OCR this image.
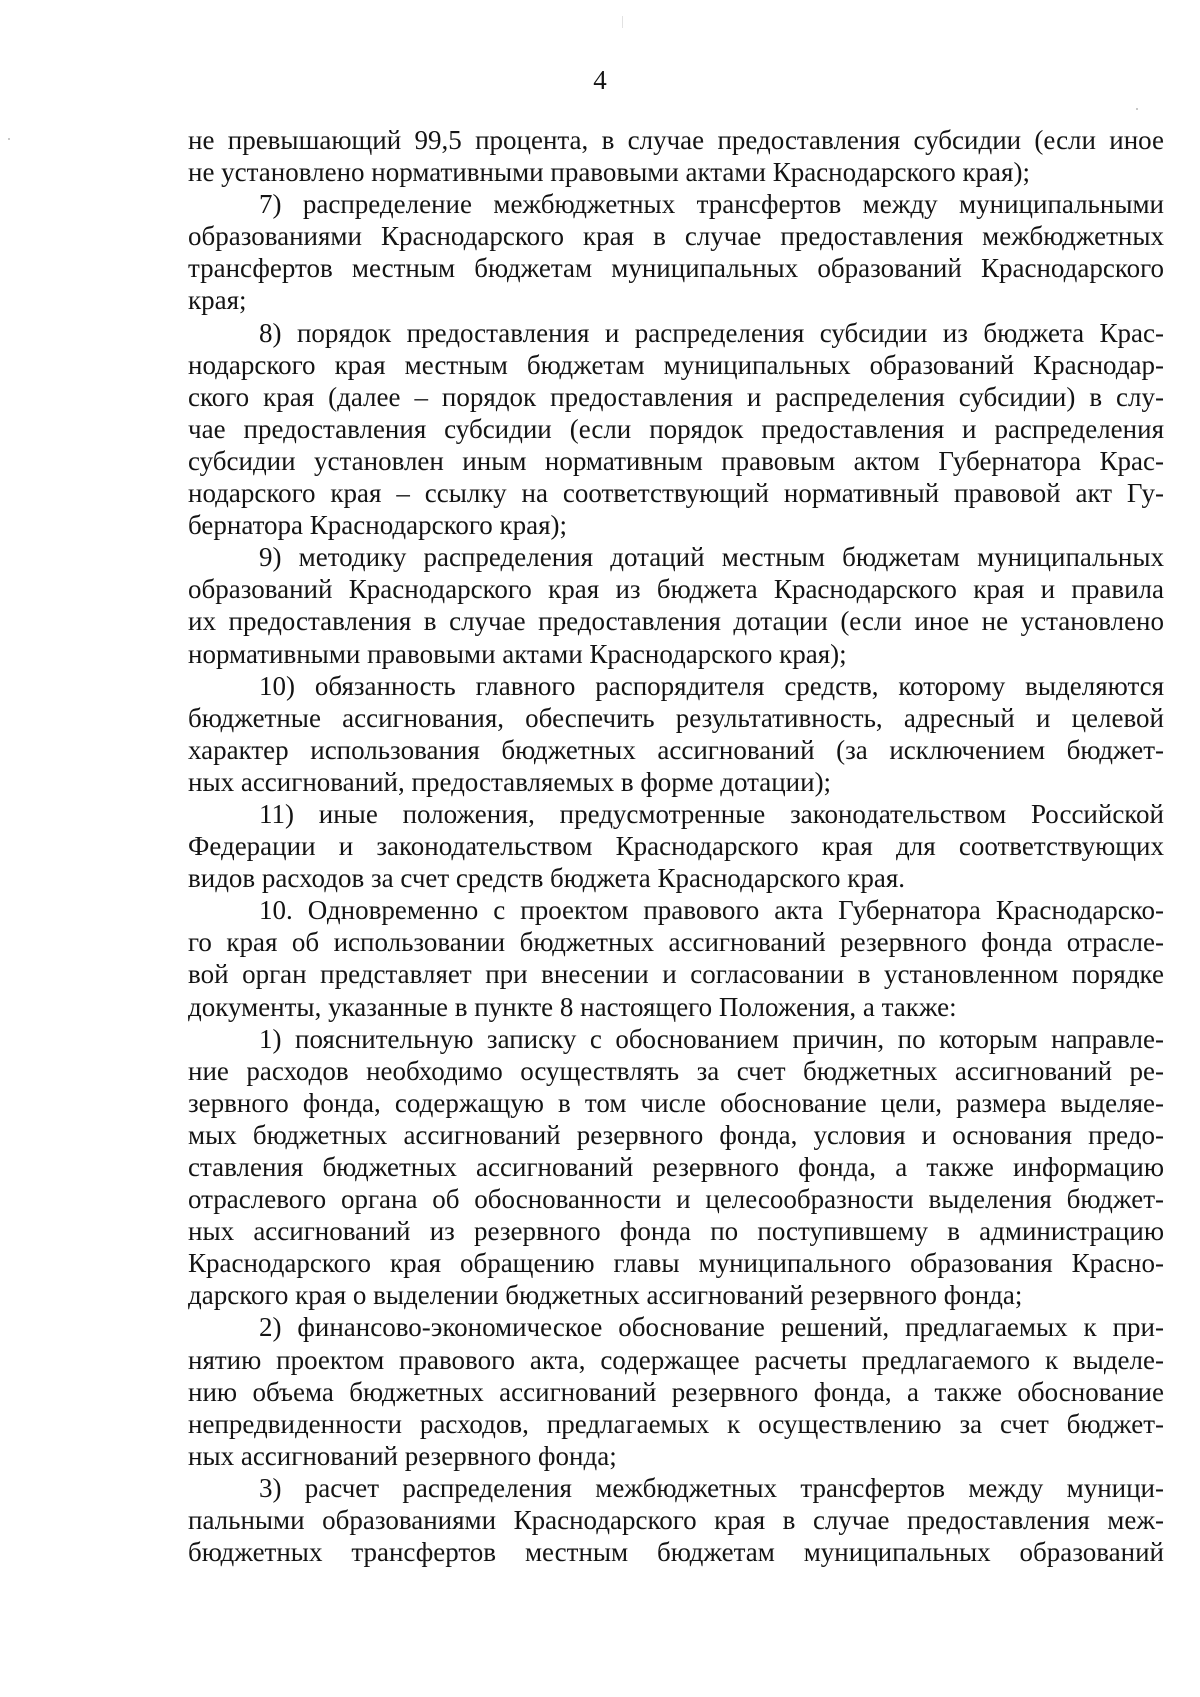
4

не превышающий 99,5 процента, в случае предоставления субсидии (если иное

не установлено нормативными правовыми актами Краснодарского края);

7) распределение межбюджетных трансфертов между муниципальными

образованиями Краснодарского края в случае предоставления межбюджетных

трансфертов местным бюджетам муниципальных образований Краснодарского

края;

8) порядок предоставления и распределения субсидии из бюджета Крас-

нодарского края местным бюджетам муниципальных образований Краснодар-

ского края (далее – порядок предоставления и распределения субсидии) в слу-

чае предоставления субсидии (если порядок предоставления и распределения

субсидии установлен иным нормативным правовым актом Губернатора Крас-

нодарского края – ссылку на соответствующий нормативный правовой акт Гу-

бернатора Краснодарского края);

9) методику распределения дотаций местным бюджетам муниципальных

образований Краснодарского края из бюджета Краснодарского края и правила

их предоставления в случае предоставления дотации (если иное не установлено

нормативными правовыми актами Краснодарского края);

10) обязанность главного распорядителя средств, которому выделяются

бюджетные ассигнования, обеспечить результативность, адресный и целевой

характер использования бюджетных ассигнований (за исключением бюджет-

ных ассигнований, предоставляемых в форме дотации);

11) иные положения, предусмотренные законодательством Российской

Федерации и законодательством Краснодарского края для соответствующих

видов расходов за счет средств бюджета Краснодарского края.

10. Одновременно с проектом правового акта Губернатора Краснодарско-

го края об использовании бюджетных ассигнований резервного фонда отрасле-

вой орган представляет при внесении и согласовании в установленном порядке

документы, указанные в пункте 8 настоящего Положения, а также:

1) пояснительную записку с обоснованием причин, по которым направле-

ние расходов необходимо осуществлять за счет бюджетных ассигнований ре-

зервного фонда, содержащую в том числе обоснование цели, размера выделяе-

мых бюджетных ассигнований резервного фонда, условия и основания предо-

ставления бюджетных ассигнований резервного фонда, а также информацию

отраслевого органа об обоснованности и целесообразности выделения бюджет-

ных ассигнований из резервного фонда по поступившему в администрацию

Краснодарского края обращению главы муниципального образования Красно-

дарского края о выделении бюджетных ассигнований резервного фонда;

2) финансово-экономическое обоснование решений, предлагаемых к при-

нятию проектом правового акта, содержащее расчеты предлагаемого к выделе-

нию объема бюджетных ассигнований резервного фонда, а также обоснование

непредвиденности расходов, предлагаемых к осуществлению за счет бюджет-

ных ассигнований резервного фонда;

3) расчет распределения межбюджетных трансфертов между муници-

пальными образованиями Краснодарского края в случае предоставления меж-

бюджетных трансфертов местным бюджетам муниципальных образований
